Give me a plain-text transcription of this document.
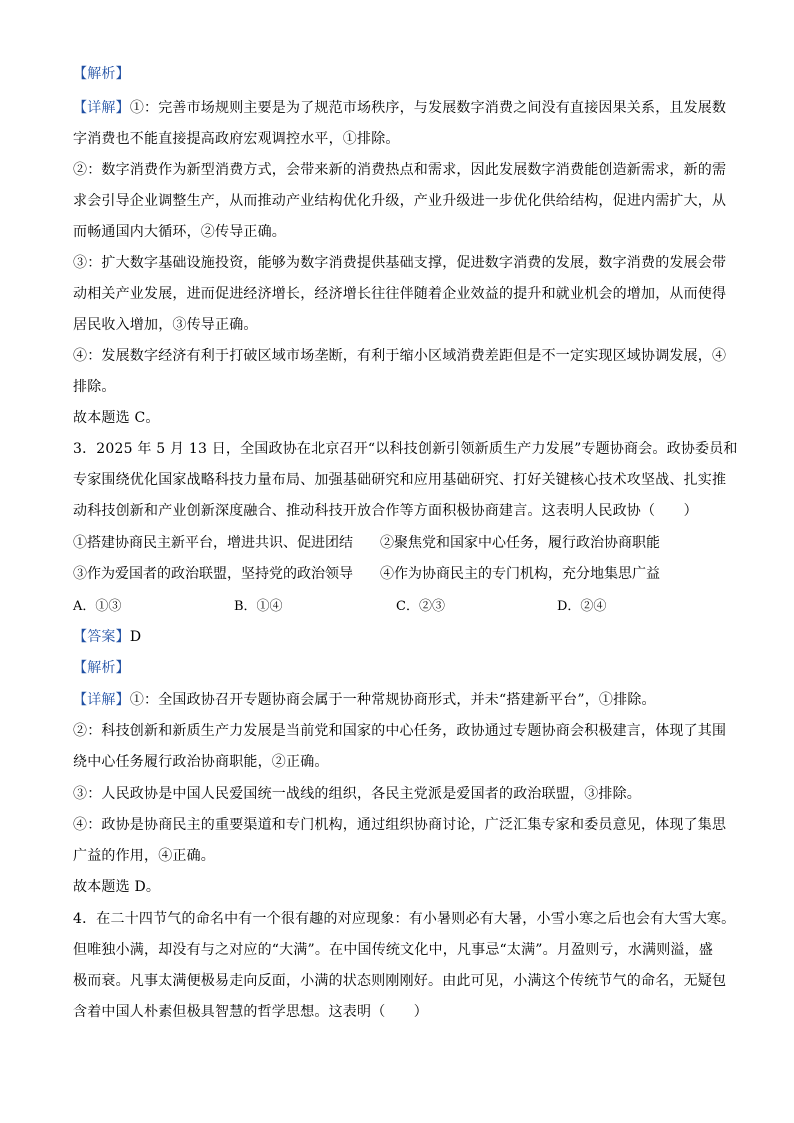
【解析】
【详解】①：完善市场规则主要是为了规范市场秩序，与发展数字消费之间没有直接因果关系，且发展数
字消费也不能直接提高政府宏观调控水平，①排除。
②：数字消费作为新型消费方式，会带来新的消费热点和需求，因此发展数字消费能创造新需求，新的需
求会引导企业调整生产，从而推动产业结构优化升级，产业升级进一步优化供给结构，促进内需扩大，从
而畅通国内大循环，②传导正确。
③：扩大数字基础设施投资，能够为数字消费提供基础支撑，促进数字消费的发展，数字消费的发展会带
动相关产业发展，进而促进经济增长，经济增长往往伴随着企业效益的提升和就业机会的增加，从而使得
居民收入增加，③传导正确。
④：发展数字经济有利于打破区域市场垄断，有利于缩小区域消费差距但是不一定实现区域协调发展，④
排除。
故本题选 C。
3．2025 年 5 月 13 日，全国政协在北京召开“以科技创新引领新质生产力发展”专题协商会。政协委员和
专家围绕优化国家战略科技力量布局、加强基础研究和应用基础研究、打好关键核心技术攻坚战、扎实推
动科技创新和产业创新深度融合、推动科技开放合作等方面积极协商建言。这表明人民政协（　　）
①搭建协商民主新平台，增进共识、促进团结 ②聚焦党和国家中心任务，履行政治协商职能
③作为爱国者的政治联盟，坚持党的政治领导 ④作为协商民主的专门机构，充分地集思广益
A．①③	B．①④	C．②③	D．②④
【答案】D
【解析】
【详解】①：全国政协召开专题协商会属于一种常规协商形式，并未“搭建新平台”，①排除。
②：科技创新和新质生产力发展是当前党和国家的中心任务，政协通过专题协商会积极建言，体现了其围
绕中心任务履行政治协商职能，②正确。
③：人民政协是中国人民爱国统一战线的组织，各民主党派是爱国者的政治联盟，③排除。
④：政协是协商民主的重要渠道和专门机构，通过组织协商讨论，广泛汇集专家和委员意见，体现了集思
广益的作用，④正确。
故本题选 D。
4．在二十四节气的命名中有一个很有趣的对应现象：有小暑则必有大暑，小雪小寒之后也会有大雪大寒。
但唯独小满，却没有与之对应的“大满”。在中国传统文化中，凡事忌“太满”。月盈则亏，水满则溢，盛
极而衰。凡事太满便极易走向反面，小满的状态则刚刚好。由此可见，小满这个传统节气的命名，无疑包
含着中国人朴素但极具智慧的哲学思想。这表明（　　）
